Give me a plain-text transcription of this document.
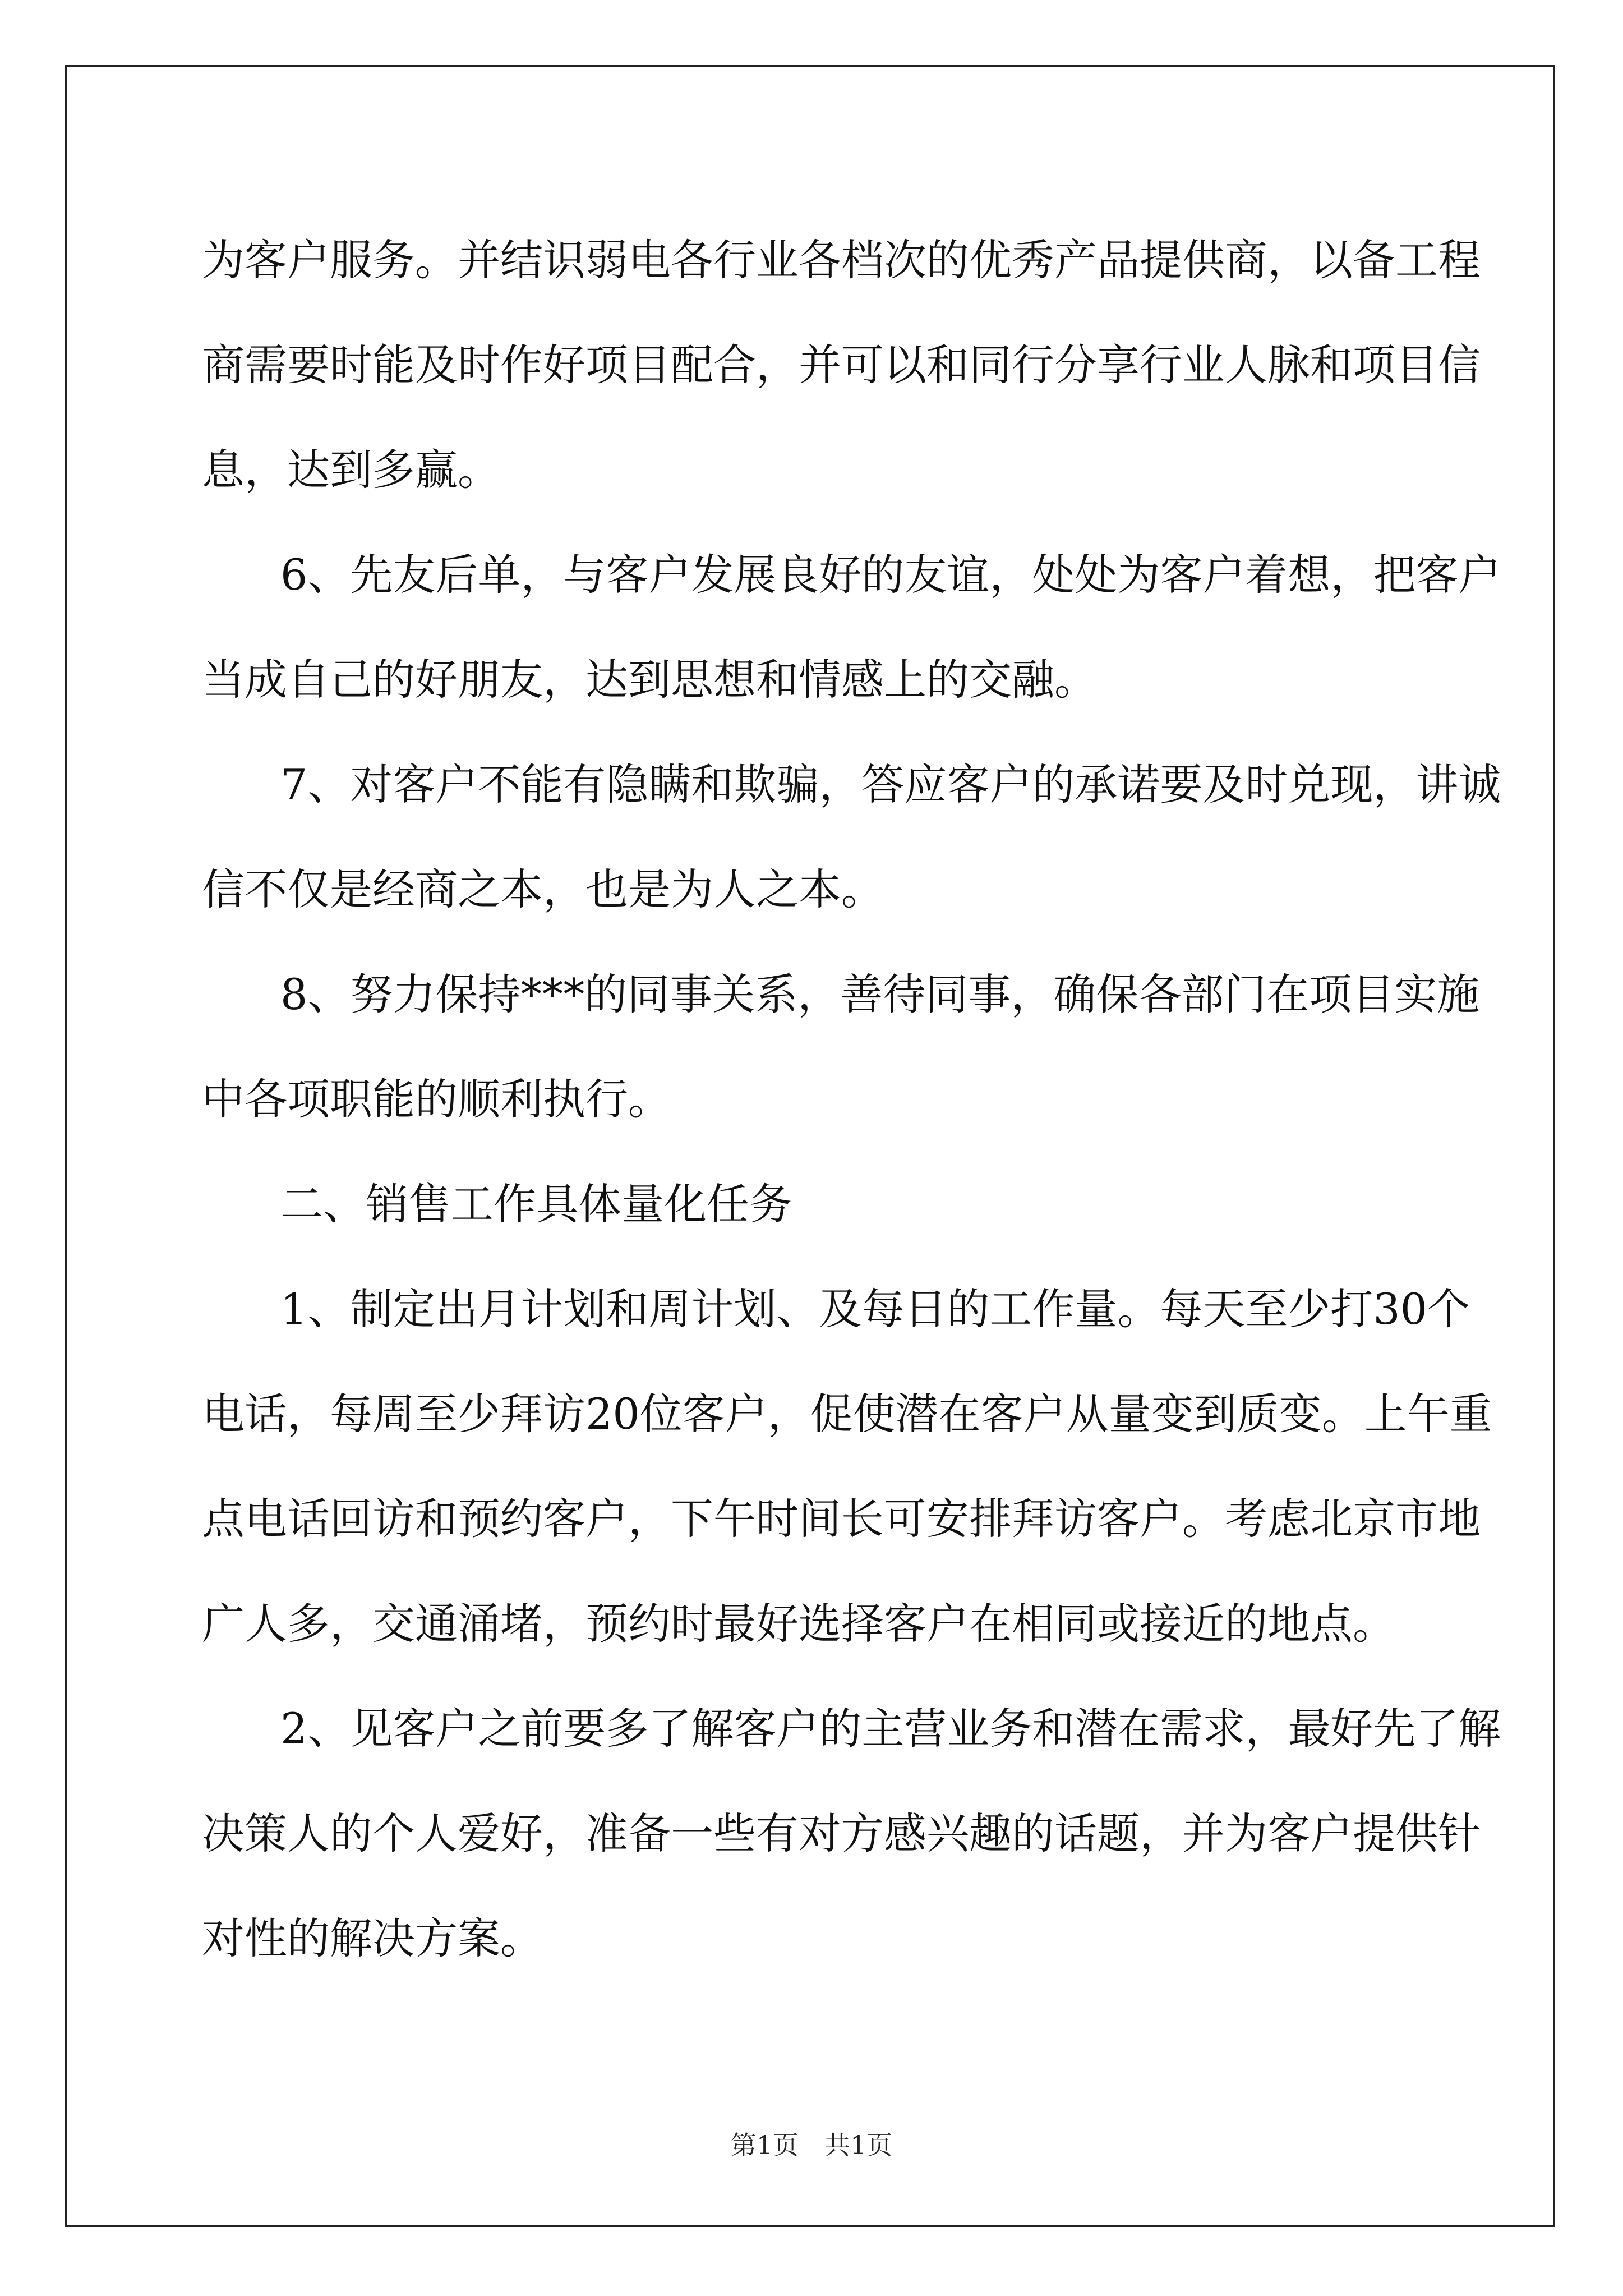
为客户服务。并结识弱电各行业各档次的优秀产品提供商，以备工程
商需要时能及时作好项目配合，并可以和同行分享行业人脉和项目信
息，达到多赢。
6、先友后单，与客户发展良好的友谊，处处为客户着想，把客户
当成自己的好朋友，达到思想和情感上的交融。
7、对客户不能有隐瞒和欺骗，答应客户的承诺要及时兑现，讲诚
信不仅是经商之本，也是为人之本。
8、努力保持***的同事关系，善待同事，确保各部门在项目实施
中各项职能的顺利执行。
二、销售工作具体量化任务
1、制定出月计划和周计划、及每日的工作量。每天至少打30个
电话，每周至少拜访20位客户，促使潜在客户从量变到质变。上午重
点电话回访和预约客户，下午时间长可安排拜访客户。考虑北京市地
广人多，交通涌堵，预约时最好选择客户在相同或接近的地点。
2、见客户之前要多了解客户的主营业务和潜在需求，最好先了解
决策人的个人爱好，准备一些有对方感兴趣的话题，并为客户提供针
对性的解决方案。
第1页　共1页
